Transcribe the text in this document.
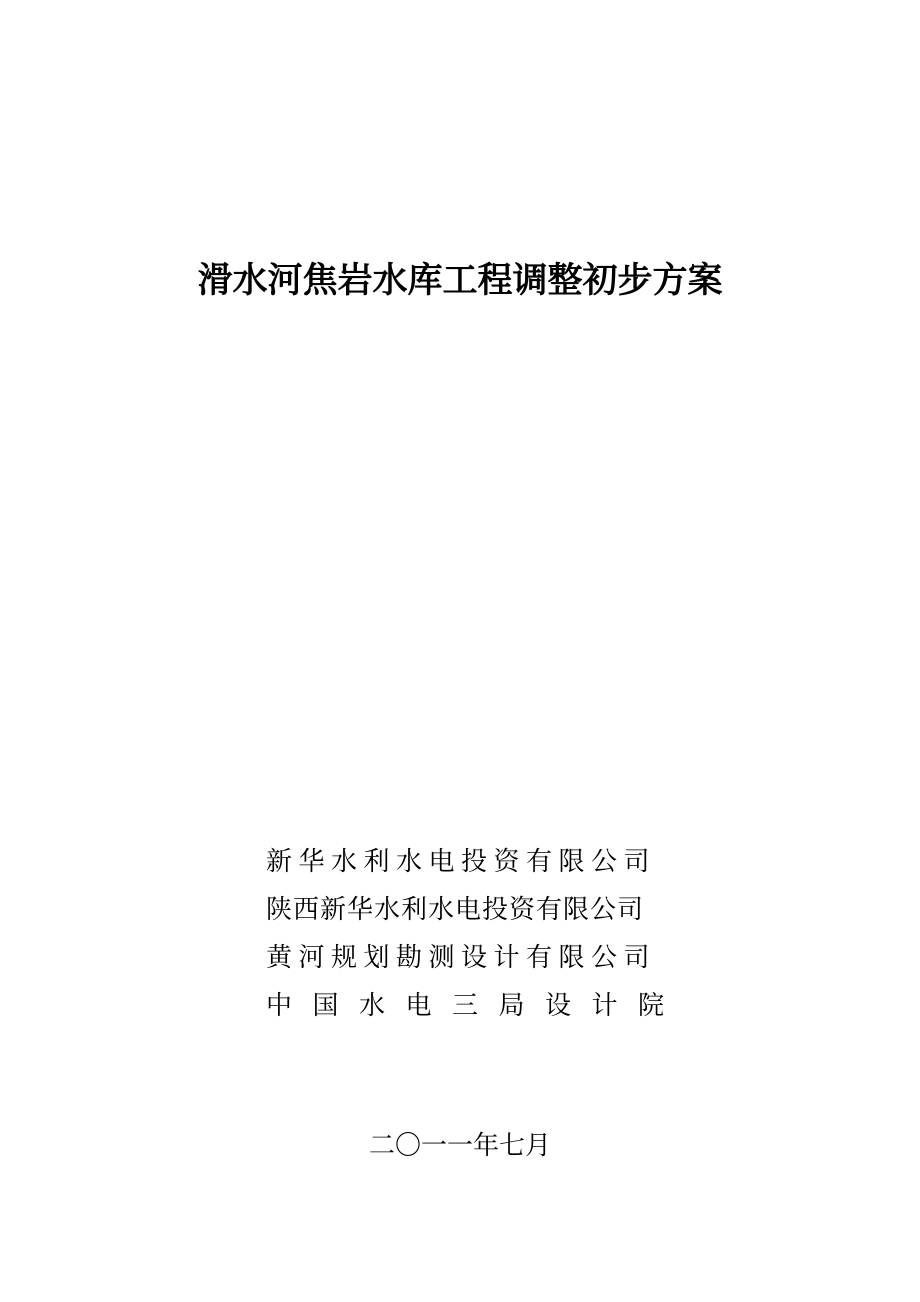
滑水河焦岩水库工程调整初步方案
新华水利水电投资有限公司
陕西新华水利水电投资有限公司
黄河规划勘测设计有限公司
中国水电三局设计院
二〇一一年七月
